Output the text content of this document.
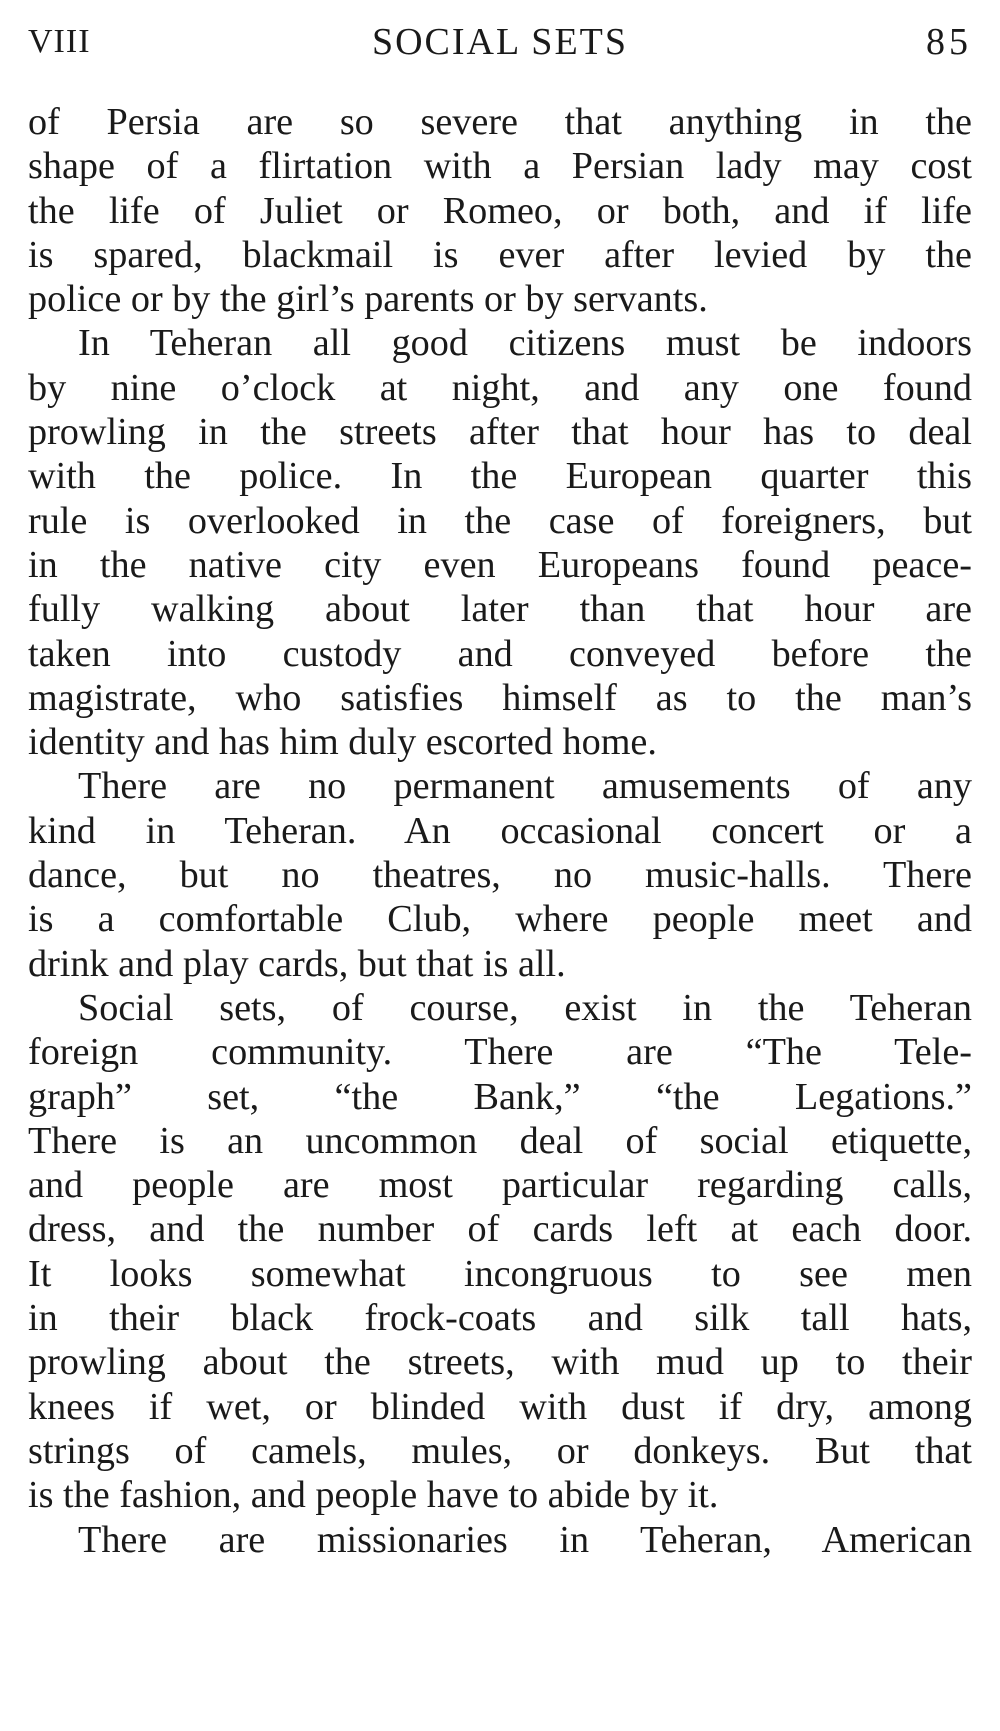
VIII	SOCIAL SETS	85
of Persia are so severe that anything in the
shape of a flirtation with a Persian lady may cost
the life of Juliet or Romeo, or both, and if life
is spared, blackmail is ever after levied by the
police or by the girl’s parents or by servants.
In Teheran all good citizens must be indoors
by nine o’clock at night, and any one found
prowling in the streets after that hour has to deal
with the police. In the European quarter this
rule is overlooked in the case of foreigners, but
in the native city even Europeans found peace-
fully walking about later than that hour are
taken into custody and conveyed before the
magistrate, who satisfies himself as to the man’s
identity and has him duly escorted home.
There are no permanent amusements of any
kind in Teheran. An occasional concert or a
dance, but no theatres, no music-halls. There
is a comfortable Club, where people meet and
drink and play cards, but that is all.
Social sets, of course, exist in the Teheran
foreign community. There are “The Tele-
graph” set, “the Bank,” “the Legations.”
There is an uncommon deal of social etiquette,
and people are most particular regarding calls,
dress, and the number of cards left at each door.
It looks somewhat incongruous to see men
in their black frock-coats and silk tall hats,
prowling about the streets, with mud up to their
knees if wet, or blinded with dust if dry, among
strings of camels, mules, or donkeys. But that
is the fashion, and people have to abide by it.
There are missionaries in Teheran, American
